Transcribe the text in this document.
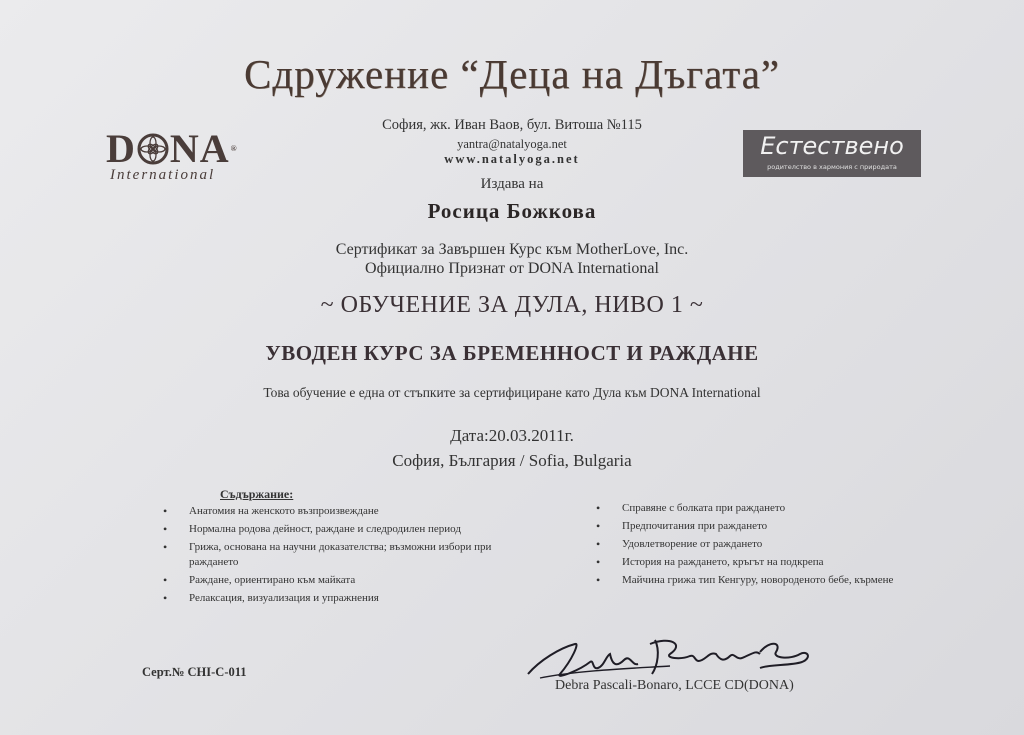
Сдружение “Деца на Дъгата”
D NA ®
International
Естествено
родителство в хармония с природата
София, жк. Иван Ваов, бул. Витоша №115
yantra@natalyoga.net
www.natalyoga.net
Издава на
Росица Божкова
Сертификат за Завършен Курс към MotherLove, Inc.
Официално Признат от DONA International
~ ОБУЧЕНИЕ ЗА ДУЛА, НИВО 1 ~
УВОДЕН КУРС ЗА БРЕМЕННОСТ И РАЖДАНЕ
Това обучение е една от стъпките за сертифициране като Дула към DONA International
Дата:20.03.2011г.
София, България / Sofia, Bulgaria
Съдържание:
• Анатомия на женското възпроизвеждане
• Нормална родова дейност, раждане и следродилен период
• Грижа, основана на научни доказателства; възможни избори при раждането
• Раждане, ориентирано към майката
• Релаксация, визуализация и упражнения
• Справяне с болката при раждането
• Предпочитания при раждането
• Удовлетворение от раждането
• История на раждането, кръгът на подкрепа
• Майчина грижа тип Кенгуру, новороденото бебе, кърмене
Серт.№ CHI-C-011
Debra Pascali-Bonaro, LCCE CD(DONA)
